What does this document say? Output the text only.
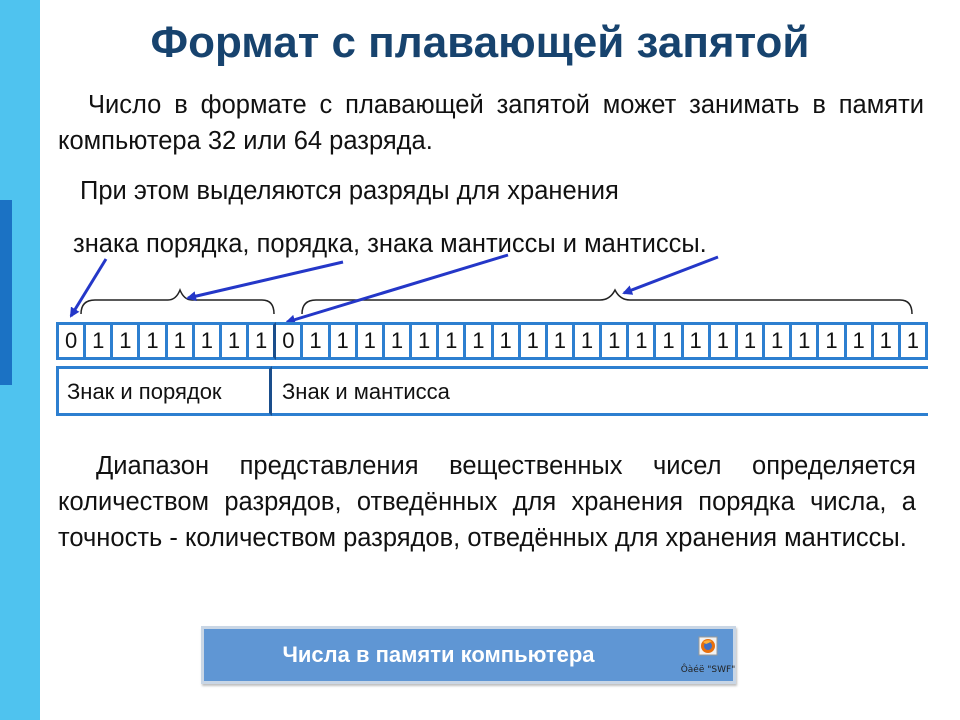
Формат с плавающей запятой

Число в формате с плавающей запятой может занимать в памяти компьютера 32 или 64 разряда.

При этом выделяются разряды для хранения

знака порядка, порядка, знака мантиссы и мантиссы.

0 1 1 1 1 1 1 1 0 1 1 1 1 1 1 1 1 1 1 1 1 1 1 1 1 1 1 1 1 1 1 1
Знак и порядок	Знак и мантисса

Диапазон представления вещественных чисел определяется количеством разрядов, отведённых для хранения порядка числа, а точность - количеством разрядов, отведённых для хранения мантиссы.

Числа в памяти компьютера
Ôàéë "SWF"
